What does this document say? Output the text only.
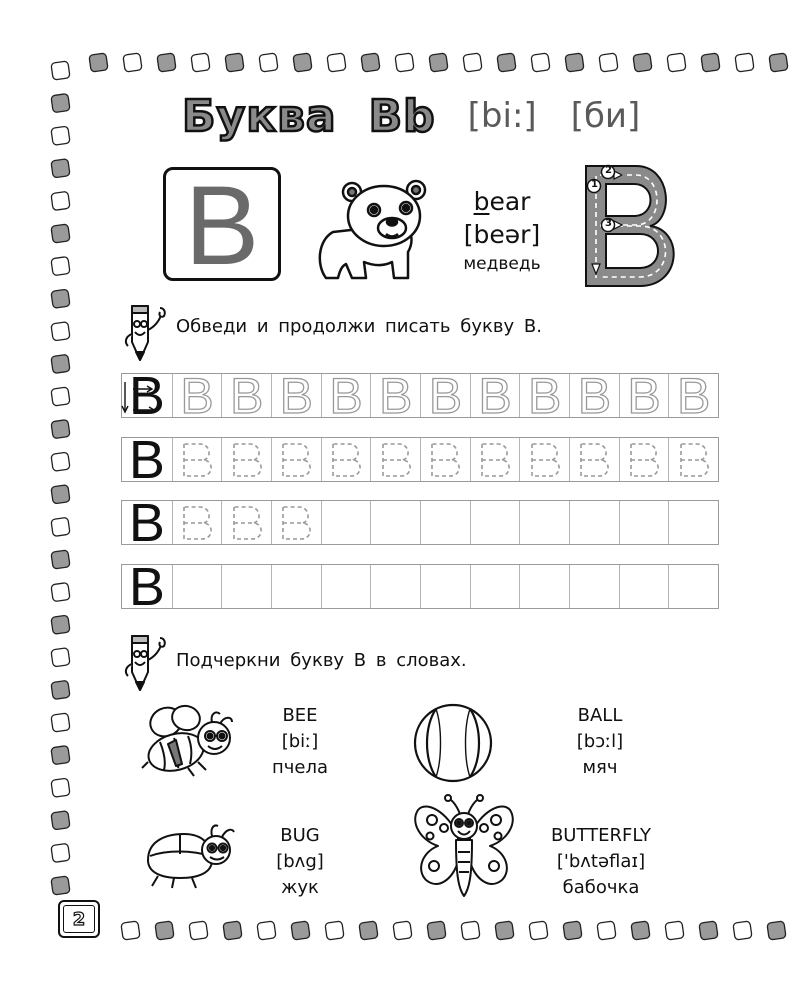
2
Буква Bb [bi:] [би]
B	bear
[beər]
медведь
1
2
3
Обведи и продолжи писать букву B.
B B B B B B B B B B B B
B
B
B
Подчеркни букву B в словах.
BEE
[biː]
пчела
BALL
[bɔːl]
мяч
BUG
[bʌg]
жук
BUTTERFLY
['bʌtəflaɪ]
бабочка
